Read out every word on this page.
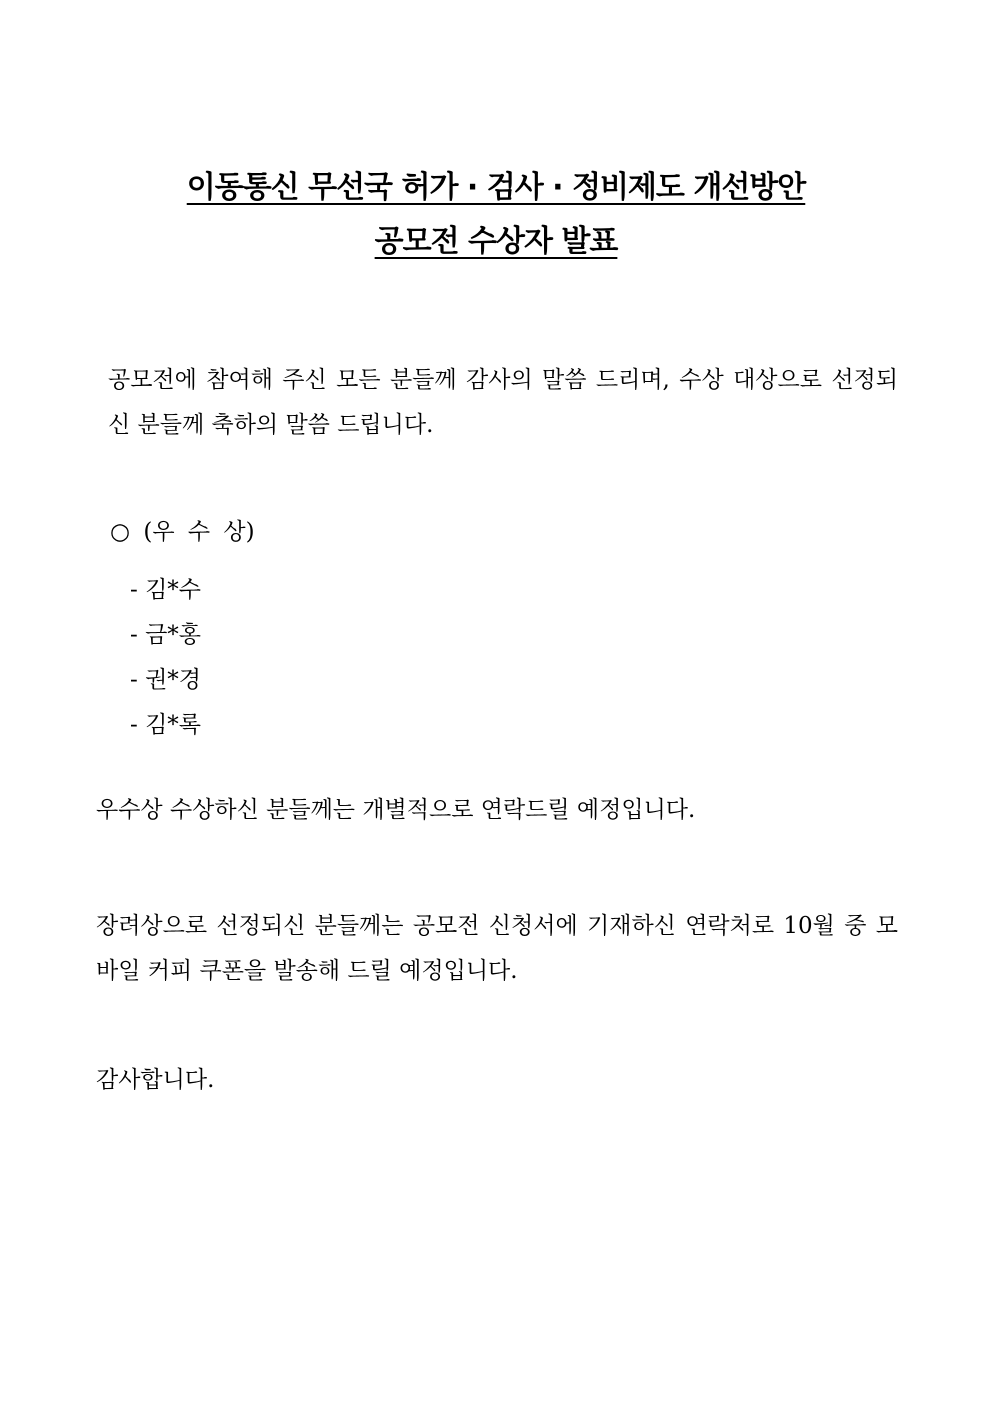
이동통신 무선국 허가 · 검사 · 정비제도 개선방안
공모전 수상자 발표

공모전에 참여해 주신 모든 분들께 감사의 말씀 드리며, 수상 대상으로 선정되신 분들께 축하의 말씀 드립니다.

○ (우 수 상)
- 김*수
- 금*홍
- 권*경
- 김*록

우수상 수상하신 분들께는 개별적으로 연락드릴 예정입니다.

장려상으로 선정되신 분들께는 공모전 신청서에 기재하신 연락처로 10월 중 모바일 커피 쿠폰을 발송해 드릴 예정입니다.

감사합니다.
